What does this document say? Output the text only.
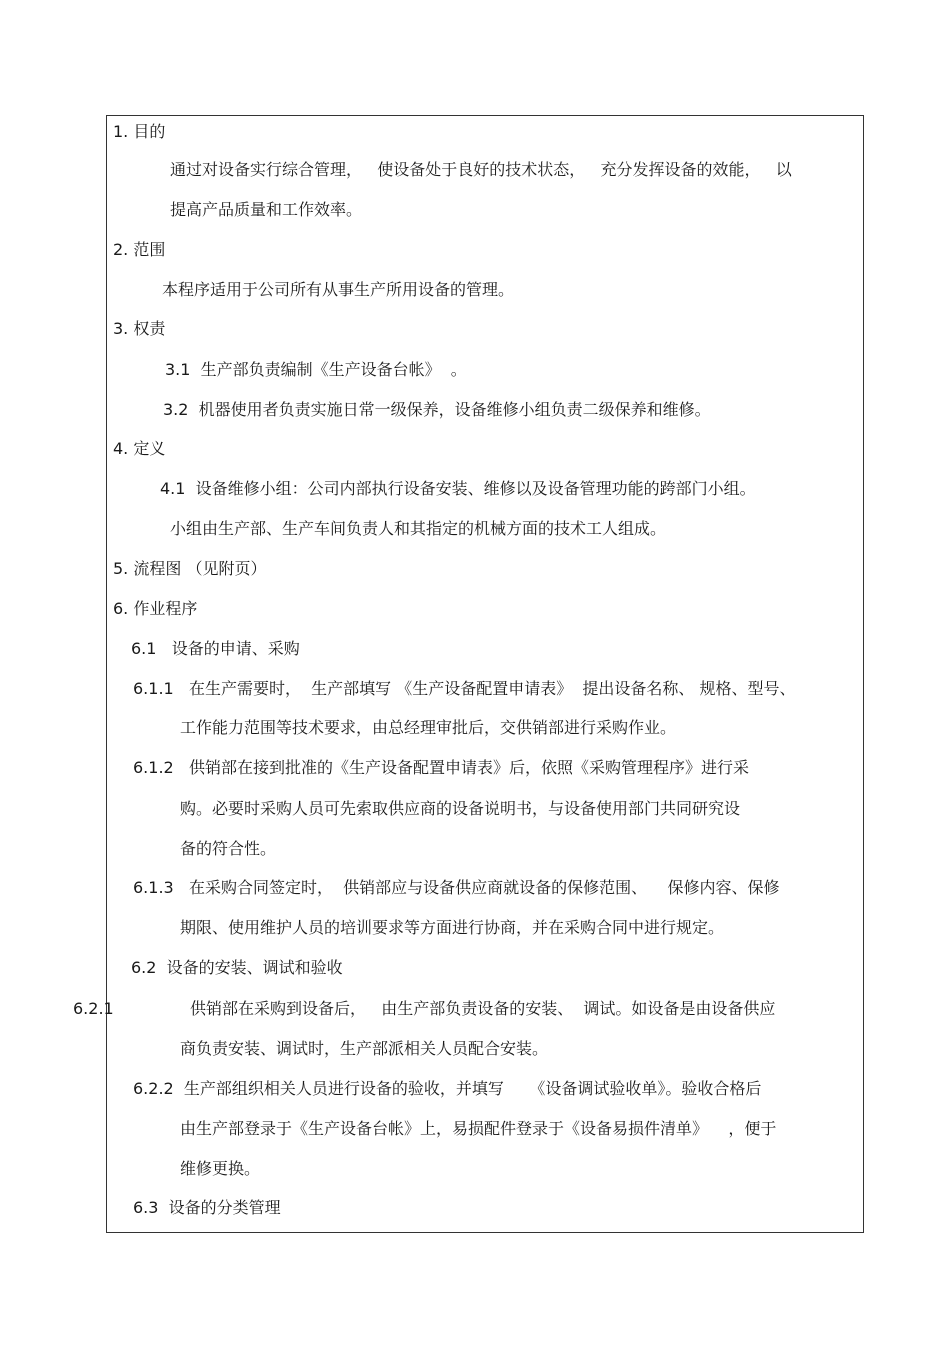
1. 目的
通过对设备实行综合管理，   使设备处于良好的技术状态，   充分发挥设备的效能，   以
提高产品质量和工作效率。
2. 范围
本程序适用于公司所有从事生产所用设备的管理。
3. 权责
3.1  生产部负责编制《生产设备台帐》  。
3.2  机器使用者负责实施日常一级保养，设备维修小组负责二级保养和维修。
4. 定义
4.1  设备维修小组：公司内部执行设备安装、维修以及设备管理功能的跨部门小组。
小组由生产部、生产车间负责人和其指定的机械方面的技术工人组成。
5. 流程图 （见附页）
6. 作业程序
6.1   设备的申请、采购
6.1.1   在生产需要时，  生产部填写 《生产设备配置申请表》  提出设备名称、 规格、型号、
工作能力范围等技术要求，由总经理审批后，交供销部进行采购作业。
6.1.2   供销部在接到批准的《生产设备配置申请表》后，依照《采购管理程序》进行采
购。必要时采购人员可先索取供应商的设备说明书，与设备使用部门共同研究设
备的符合性。
6.1.3   在采购合同签定时，  供销部应与设备供应商就设备的保修范围、    保修内容、保修
期限、使用维护人员的培训要求等方面进行协商，并在采购合同中进行规定。
6.2  设备的安装、调试和验收
6.2.1	供销部在采购到设备后，   由生产部负责设备的安装、  调试。如设备是由设备供应
商负责安装、调试时，生产部派相关人员配合安装。
6.2.2  生产部组织相关人员进行设备的验收，并填写     《设备调试验收单》。验收合格后
由生产部登录于《生产设备台帐》上，易损配件登录于《设备易损件清单》    ，便于
维修更换。
6.3  设备的分类管理
